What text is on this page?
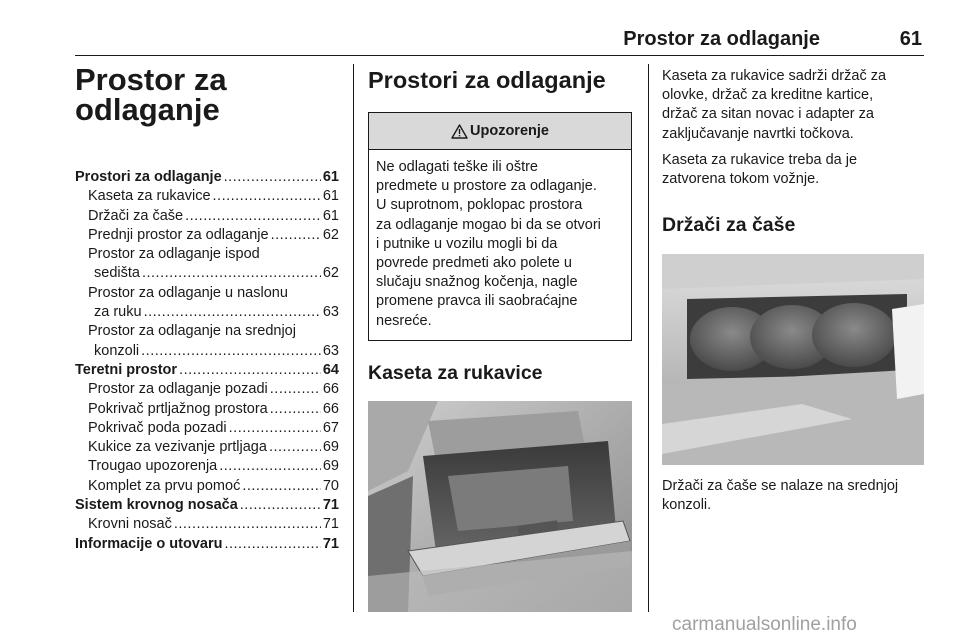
Prostor za odlaganje	61
Prostor za
odlaganje
Prostori za odlaganje .....	61
Kaseta za rukavice .....	61
Držači za čaše .....	61
Prednji prostor za odlaganje .....	62
Prostor za odlaganje ispod
sedišta .....	62
Prostor za odlaganje u naslonu
za ruku .....	63
Prostor za odlaganje na srednjoj
konzoli .....	63
Teretni prostor .....	64
Prostor za odlaganje pozadi .....	66
Pokrivač prtljažnog prostora .....	66
Pokrivač poda pozadi .....	67
Kukice za vezivanje prtljaga .....	69
Trougao upozorenja .....	69
Komplet za prvu pomoć .....	70
Sistem krovnog nosača .....	71
Krovni nosač .....	71
Informacije o utovaru .....	71
Prostori za odlaganje
Upozorenje
Ne odlagati teške ili oštre
predmete u prostore za odlaganje.
U suprotnom, poklopac prostora
za odlaganje mogao bi da se otvori
i putnike u vozilu mogli bi da
povrede predmeti ako polete u
slučaju snažnog kočenja, nagle
promene pravca ili saobraćajne
nesreće.
Kaseta za rukavice
Kaseta za rukavice sadrži držač za
olovke, držač za kreditne kartice,
držač za sitan novac i adapter za
zaključavanje navrtki točkova.
Kaseta za rukavice treba da je
zatvorena tokom vožnje.
Držači za čaše
Držači za čaše se nalaze na srednjoj
konzoli.
carmanualsonline.info
